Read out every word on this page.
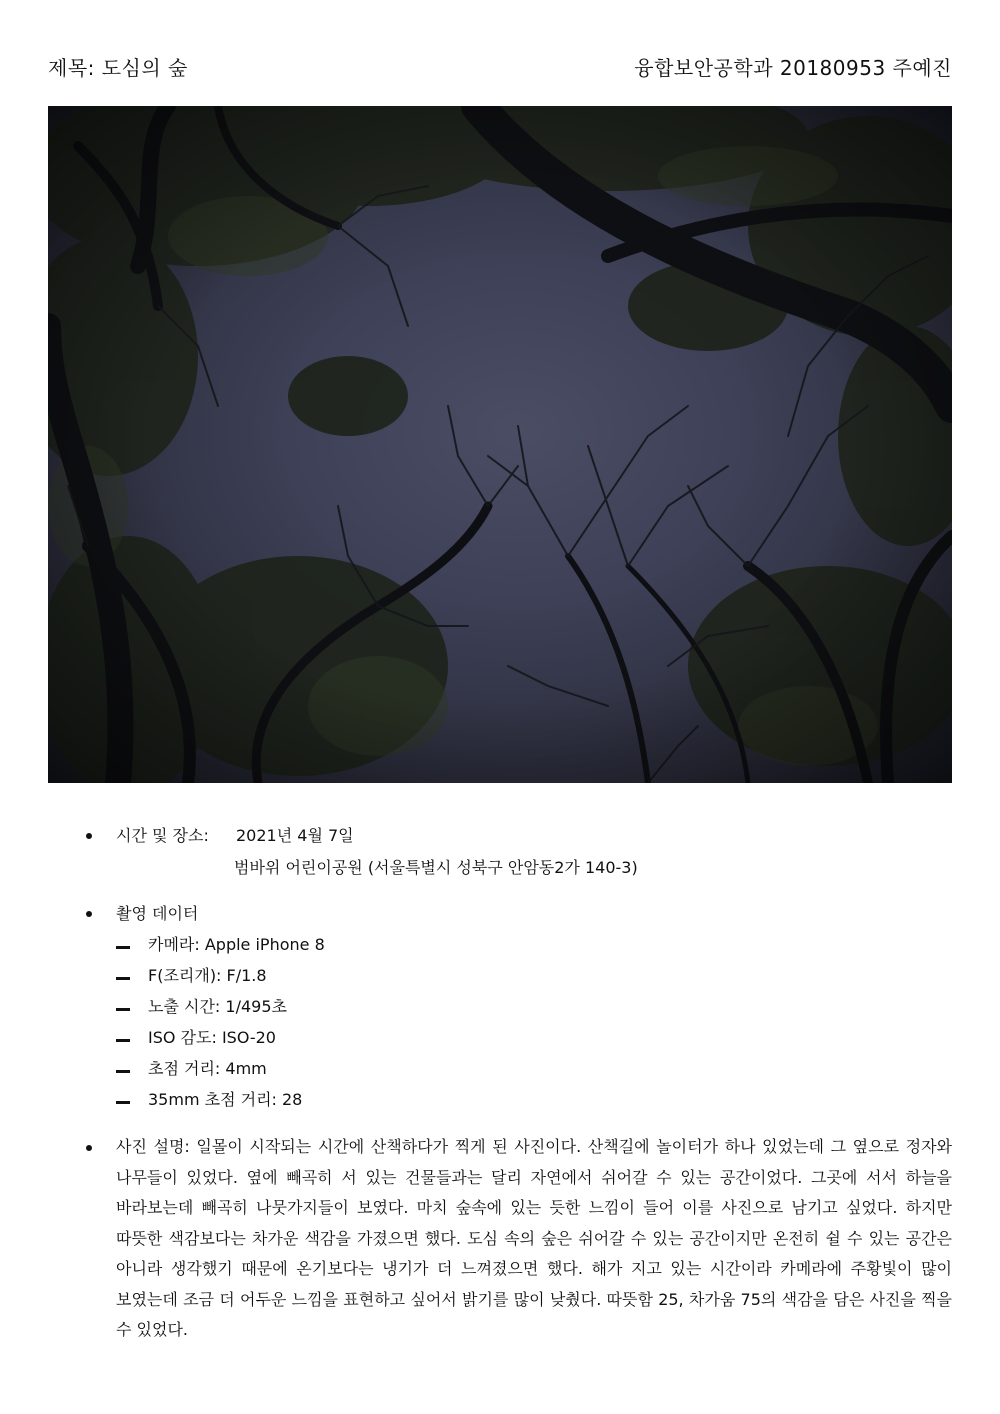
제목: 도심의 숲	융합보안공학과 20180953 주예진
시간 및 장소: 2021년 4월 7일
범바위 어린이공원 (서울특별시 성북구 안암동2가 140-3)
촬영 데이터
카메라: Apple iPhone 8
F(조리개): F/1.8
노출 시간: 1/495초
ISO 감도: ISO-20
초점 거리: 4mm
35mm 초점 거리: 28
사진 설명: 일몰이 시작되는 시간에 산책하다가 찍게 된 사진이다. 산책길에 놀이터가 하나 있었는데 그 옆으로 정자와 나무들이 있었다. 옆에 빼곡히 서 있는 건물들과는 달리 자연에서 쉬어갈 수 있는 공간이었다. 그곳에 서서 하늘을 바라보는데 빼곡히 나뭇가지들이 보였다. 마치 숲속에 있는 듯한 느낌이 들어 이를 사진으로 남기고 싶었다. 하지만 따뜻한 색감보다는 차가운 색감을 가졌으면 했다. 도심 속의 숲은 쉬어갈 수 있는 공간이지만 온전히 쉴 수 있는 공간은 아니라 생각했기 때문에 온기보다는 냉기가 더 느껴졌으면 했다. 해가 지고 있는 시간이라 카메라에 주황빛이 많이 보였는데 조금 더 어두운 느낌을 표현하고 싶어서 밝기를 많이 낮췄다. 따뜻함 25, 차가움 75의 색감을 담은 사진을 찍을 수 있었다.
